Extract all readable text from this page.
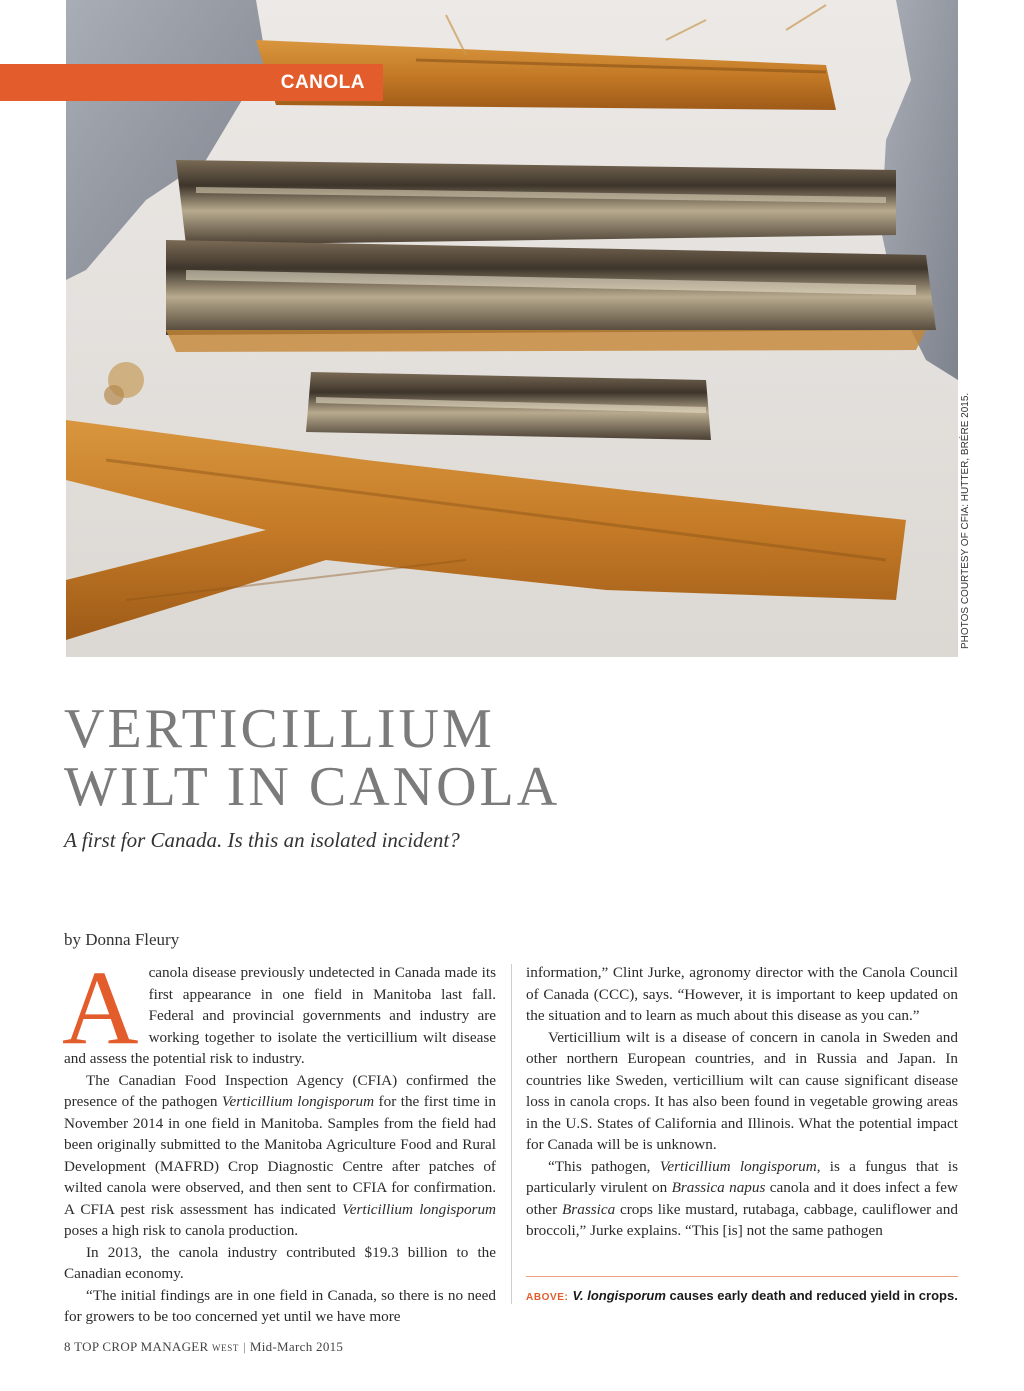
PHOTOS COURTESY OF CFIA: HUTTER, BRÉRE 2015.
CANOLA
VERTICILLIUM
WILT IN CANOLA

A first for Canada. Is this an isolated incident?

by Donna Fleury

Acanola disease previously undetected in Canada made its first appearance in one field in Manitoba last fall. Federal and provincial governments and industry are working together to isolate the verticillium wilt disease and assess the potential risk to industry.

The Canadian Food Inspection Agency (CFIA) confirmed the presence of the pathogen Verticillium longisporum for the first time in November 2014 in one field in Manitoba. Samples from the field had been originally submitted to the Manitoba Agriculture Food and Rural Development (MAFRD) Crop Diagnostic Centre after patches of wilted canola were observed, and then sent to CFIA for confirmation. A CFIA pest risk assessment has indicated Verticillium longisporum poses a high risk to canola production.

In 2013, the canola industry contributed $19.3 billion to the Canadian economy.

“The initial findings are in one field in Canada, so there is no need for growers to be too concerned yet until we have more

information,” Clint Jurke, agronomy director with the Canola Council of Canada (CCC), says. “However, it is important to keep updated on the situation and to learn as much about this disease as you can.”

Verticillium wilt is a disease of concern in canola in Sweden and other northern European countries, and in Russia and Japan. In countries like Sweden, verticillium wilt can cause significant disease loss in canola crops. It has also been found in vegetable growing areas in the U.S. States of California and Illinois. What the potential impact for Canada will be is unknown.

“This pathogen, Verticillium longisporum, is a fungus that is particularly virulent on Brassica napus canola and it does infect a few other Brassica crops like mustard, rutabaga, cabbage, cauliflower and broccoli,” Jurke explains. “This [is] not the same pathogen

ABOVE: V. longisporum causes early death and reduced yield in crops.

8 TOP CROP MANAGER WEST | Mid-March 2015
